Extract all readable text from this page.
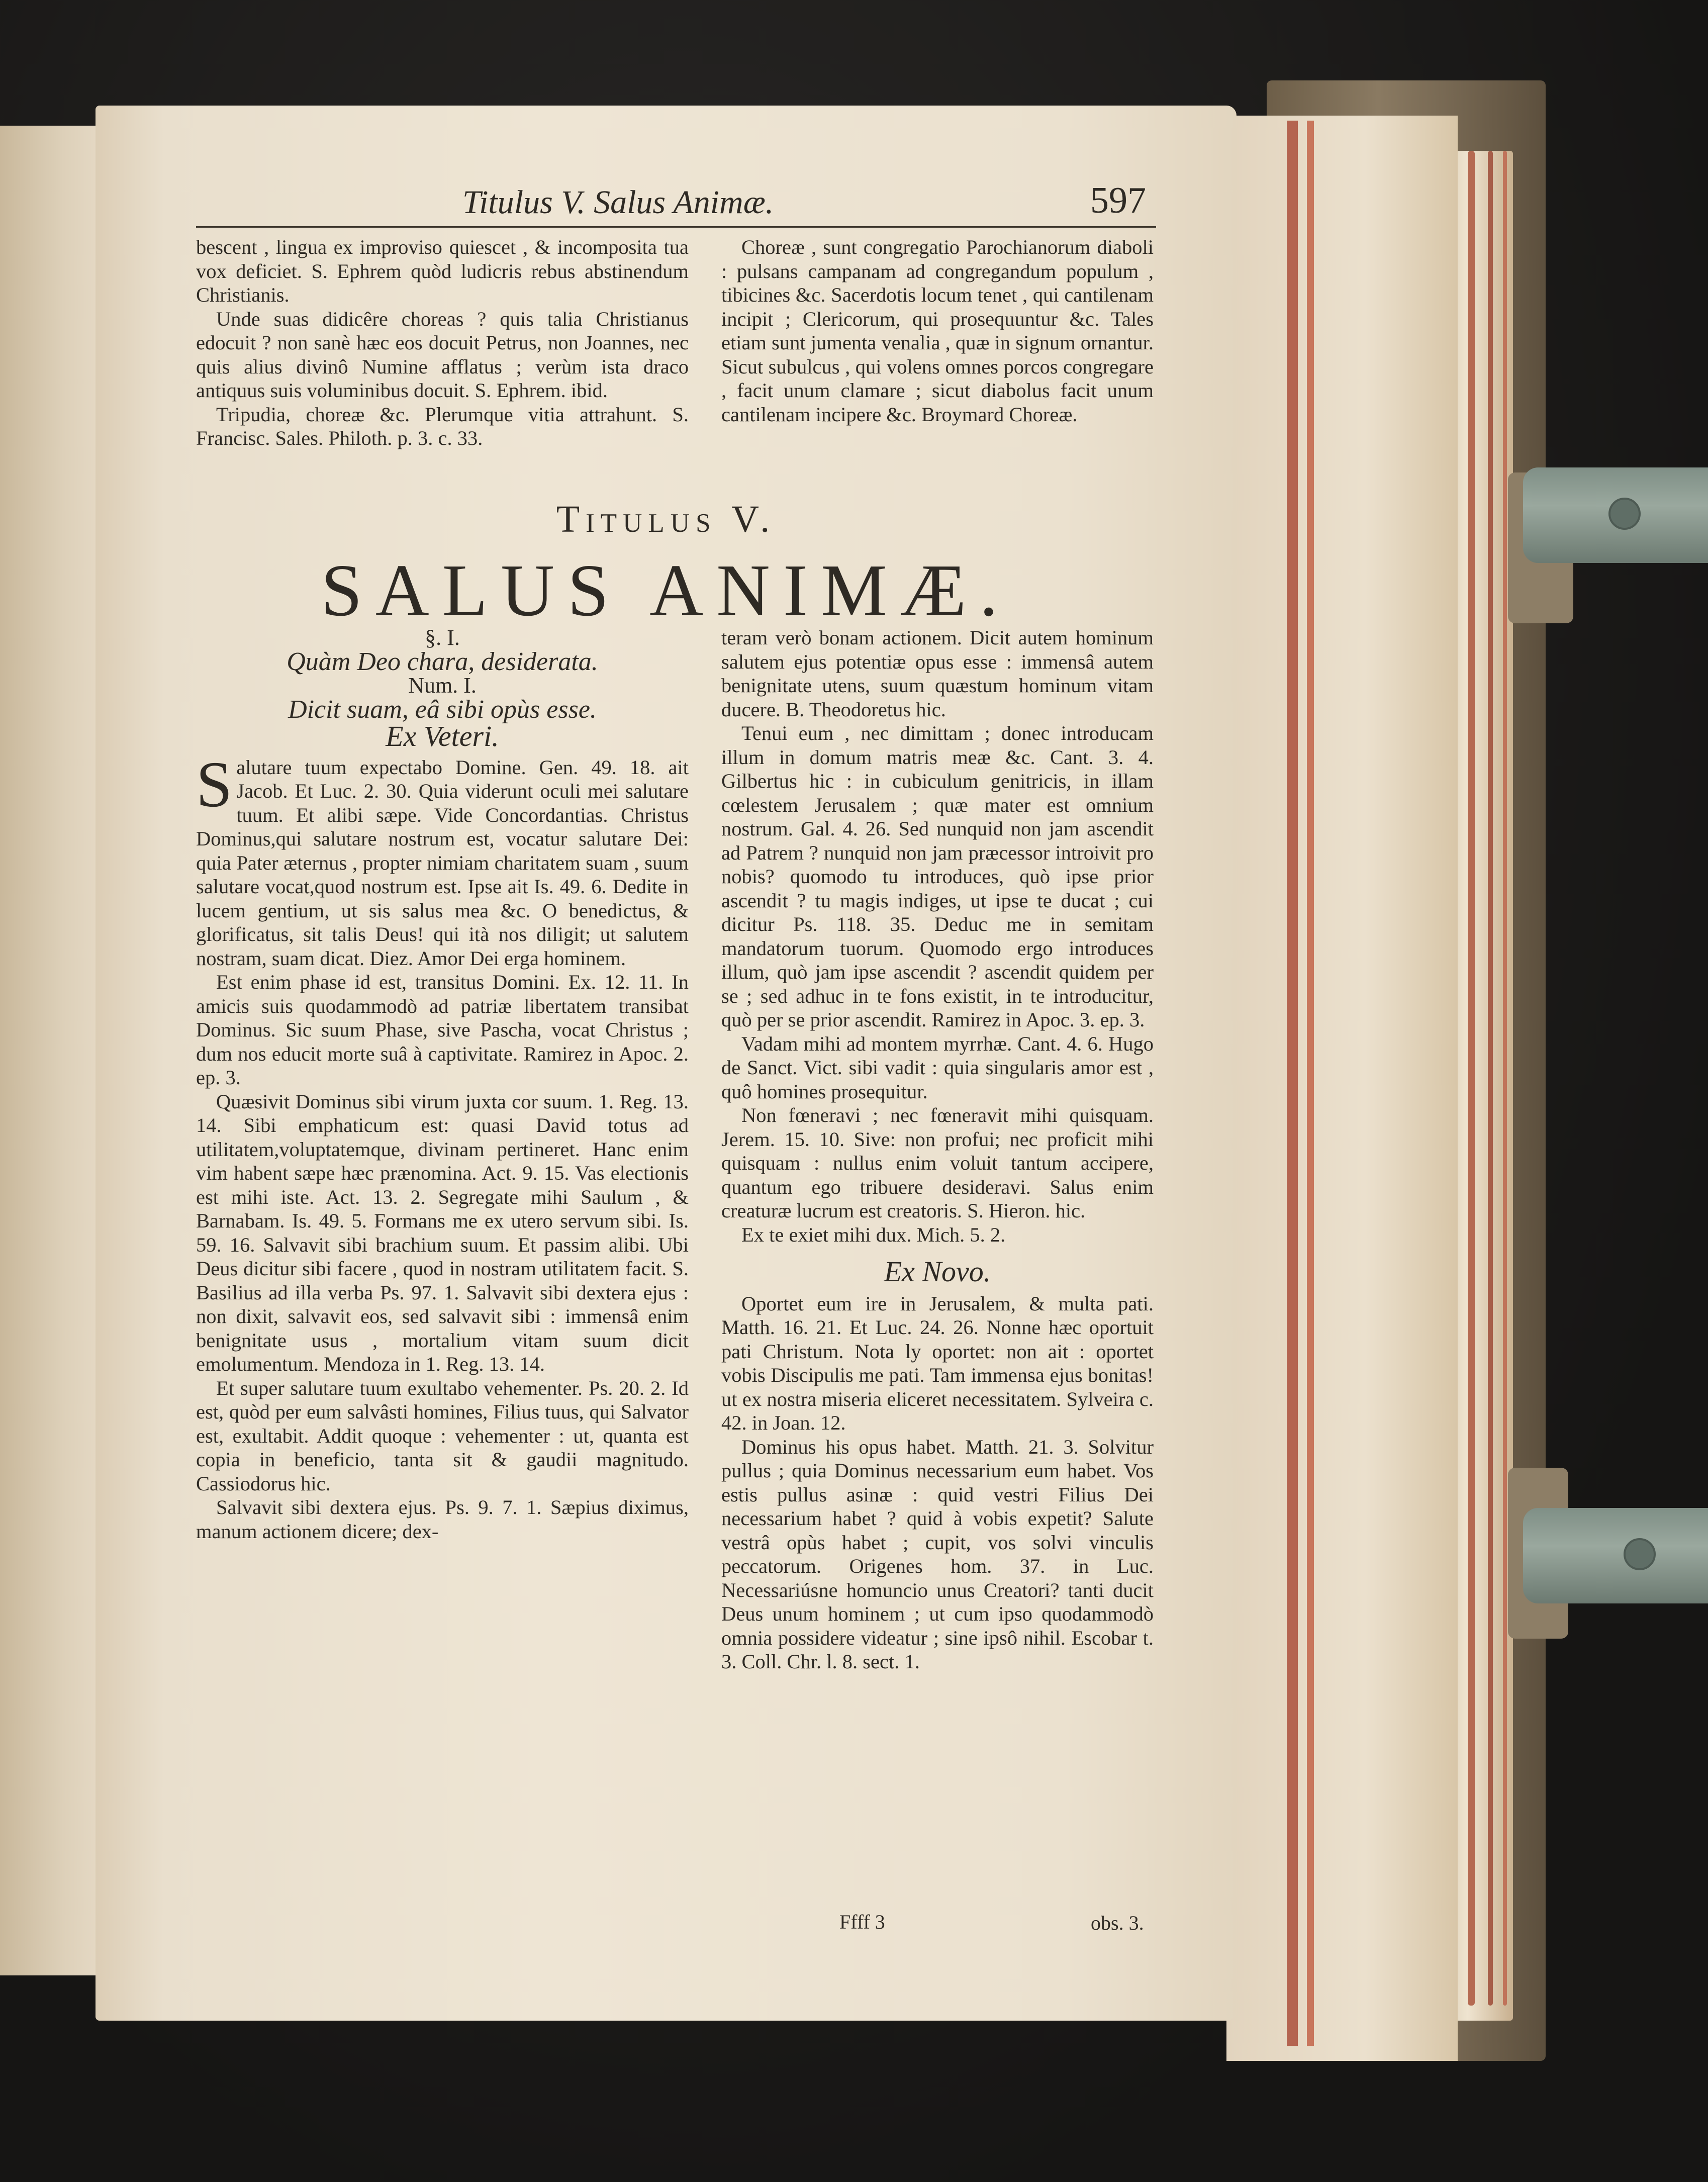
Titulus V. Salus Animæ.	597

bescent , lingua ex improviso quiescet , & incomposita tua vox deficiet. S. Ephrem quòd ludicris rebus abstinendum Christianis.

Unde suas didicêre choreas ? quis talia Christianus edocuit ? non sanè hæc eos docuit Petrus, non Joannes, nec quis alius divinô Numine afflatus ; verùm ista draco antiquus suis voluminibus docuit. S. Ephrem. ibid.

Tripudia, choreæ &c. Plerumque vitia attrahunt. S. Francisc. Sales. Philoth. p. 3. c. 33.

Choreæ , sunt congregatio Parochianorum diaboli : pulsans campanam ad congregandum populum , tibicines &c. Sacerdotis locum tenet , qui cantilenam incipit ; Clericorum, qui prosequuntur &c. Tales etiam sunt jumenta venalia , quæ in signum ornantur. Sicut subulcus , qui volens omnes porcos congregare , facit unum clamare ; sicut diabolus facit unum cantilenam incipere &c. Broymard Choreæ.

Titulus V.
SALUS ANIMÆ.
§. I.
Quàm Deo chara, desiderata.
Num. I.
Dicit suam, eâ sibi opùs esse.
Ex Veteri.

Salutare tuum expectabo Domine. Gen. 49. 18. ait Jacob. Et Luc. 2. 30. Quia viderunt oculi mei salutare tuum. Et alibi sæpe. Vide Concordantias. Christus Dominus,qui salutare nostrum est, vocatur salutare Dei: quia Pater æternus , propter nimiam charitatem suam , suum salutare vocat,quod nostrum est. Ipse ait Is. 49. 6. Dedite in lucem gentium, ut sis salus mea &c. O benedictus, & glorificatus, sit talis Deus! qui ità nos diligit; ut salutem nostram, suam dicat. Diez. Amor Dei erga hominem.

Est enim phase id est, transitus Domini. Ex. 12. 11. In amicis suis quodammodò ad patriæ libertatem transibat Dominus. Sic suum Phase, sive Pascha, vocat Christus ; dum nos educit morte suâ à captivitate. Ramirez in Apoc. 2. ep. 3.

Quæsivit Dominus sibi virum juxta cor suum. 1. Reg. 13. 14. Sibi emphaticum est: quasi David totus ad utilitatem,voluptatemque, divinam pertineret. Hanc enim vim habent sæpe hæc prænomina. Act. 9. 15. Vas electionis est mihi iste. Act. 13. 2. Segregate mihi Saulum , & Barnabam. Is. 49. 5. Formans me ex utero servum sibi. Is. 59. 16. Salvavit sibi brachium suum. Et passim alibi. Ubi Deus dicitur sibi facere , quod in nostram utilitatem facit. S. Basilius ad illa verba Ps. 97. 1. Salvavit sibi dextera ejus : non dixit, salvavit eos, sed salvavit sibi : immensâ enim benignitate usus , mortalium vitam suum dicit emolumentum. Mendoza in 1. Reg. 13. 14.

Et super salutare tuum exultabo vehementer. Ps. 20. 2. Id est, quòd per eum salvâsti homines, Filius tuus, qui Salvator est, exultabit. Addit quoque : vehementer : ut, quanta est copia in beneficio, tanta sit & gaudii magnitudo. Cassiodorus hic.

Salvavit sibi dextera ejus. Ps. 9. 7. 1. Sæpius diximus, manum actionem dicere; dex-

teram verò bonam actionem. Dicit autem hominum salutem ejus potentiæ opus esse : immensâ autem benignitate utens, suum quæstum hominum vitam ducere. B. Theodoretus hic.

Tenui eum , nec dimittam ; donec introducam illum in domum matris meæ &c. Cant. 3. 4. Gilbertus hic : in cubiculum genitricis, in illam cœlestem Jerusalem ; quæ mater est omnium nostrum. Gal. 4. 26. Sed nunquid non jam ascendit ad Patrem ? nunquid non jam præcessor introivit pro nobis? quomodo tu introduces, quò ipse prior ascendit ? tu magis indiges, ut ipse te ducat ; cui dicitur Ps. 118. 35. Deduc me in semitam mandatorum tuorum. Quomodo ergo introduces illum, quò jam ipse ascendit ? ascendit quidem per se ; sed adhuc in te fons existit, in te introducitur, quò per se prior ascendit. Ramirez in Apoc. 3. ep. 3.

Vadam mihi ad montem myrrhæ. Cant. 4. 6. Hugo de Sanct. Vict. sibi vadit : quia singularis amor est , quô homines prosequitur.

Non fœneravi ; nec fœneravit mihi quisquam. Jerem. 15. 10. Sive: non profui; nec proficit mihi quisquam : nullus enim voluit tantum accipere, quantum ego tribuere desideravi. Salus enim creaturæ lucrum est creatoris. S. Hieron. hic.

Ex te exiet mihi dux. Mich. 5. 2.

Ex Novo.

Oportet eum ire in Jerusalem, & multa pati. Matth. 16. 21. Et Luc. 24. 26. Nonne hæc oportuit pati Christum. Nota ly oportet: non ait : oportet vobis Discipulis me pati. Tam immensa ejus bonitas! ut ex nostra miseria eliceret necessitatem. Sylveira c. 42. in Joan. 12.

Dominus his opus habet. Matth. 21. 3. Solvitur pullus ; quia Dominus necessarium eum habet. Vos estis pullus asinæ : quid vestri Filius Dei necessarium habet ? quid à vobis expetit? Salute vestrâ opùs habet ; cupit, vos solvi vinculis peccatorum. Origenes hom. 37. in Luc. Necessariúsne homuncio unus Creatori? tanti ducit Deus unum hominem ; ut cum ipso quodammodò omnia possidere videatur ; sine ipsô nihil. Escobar t. 3. Coll. Chr. l. 8. sect. 1.

Ffff 3	obs. 3.
